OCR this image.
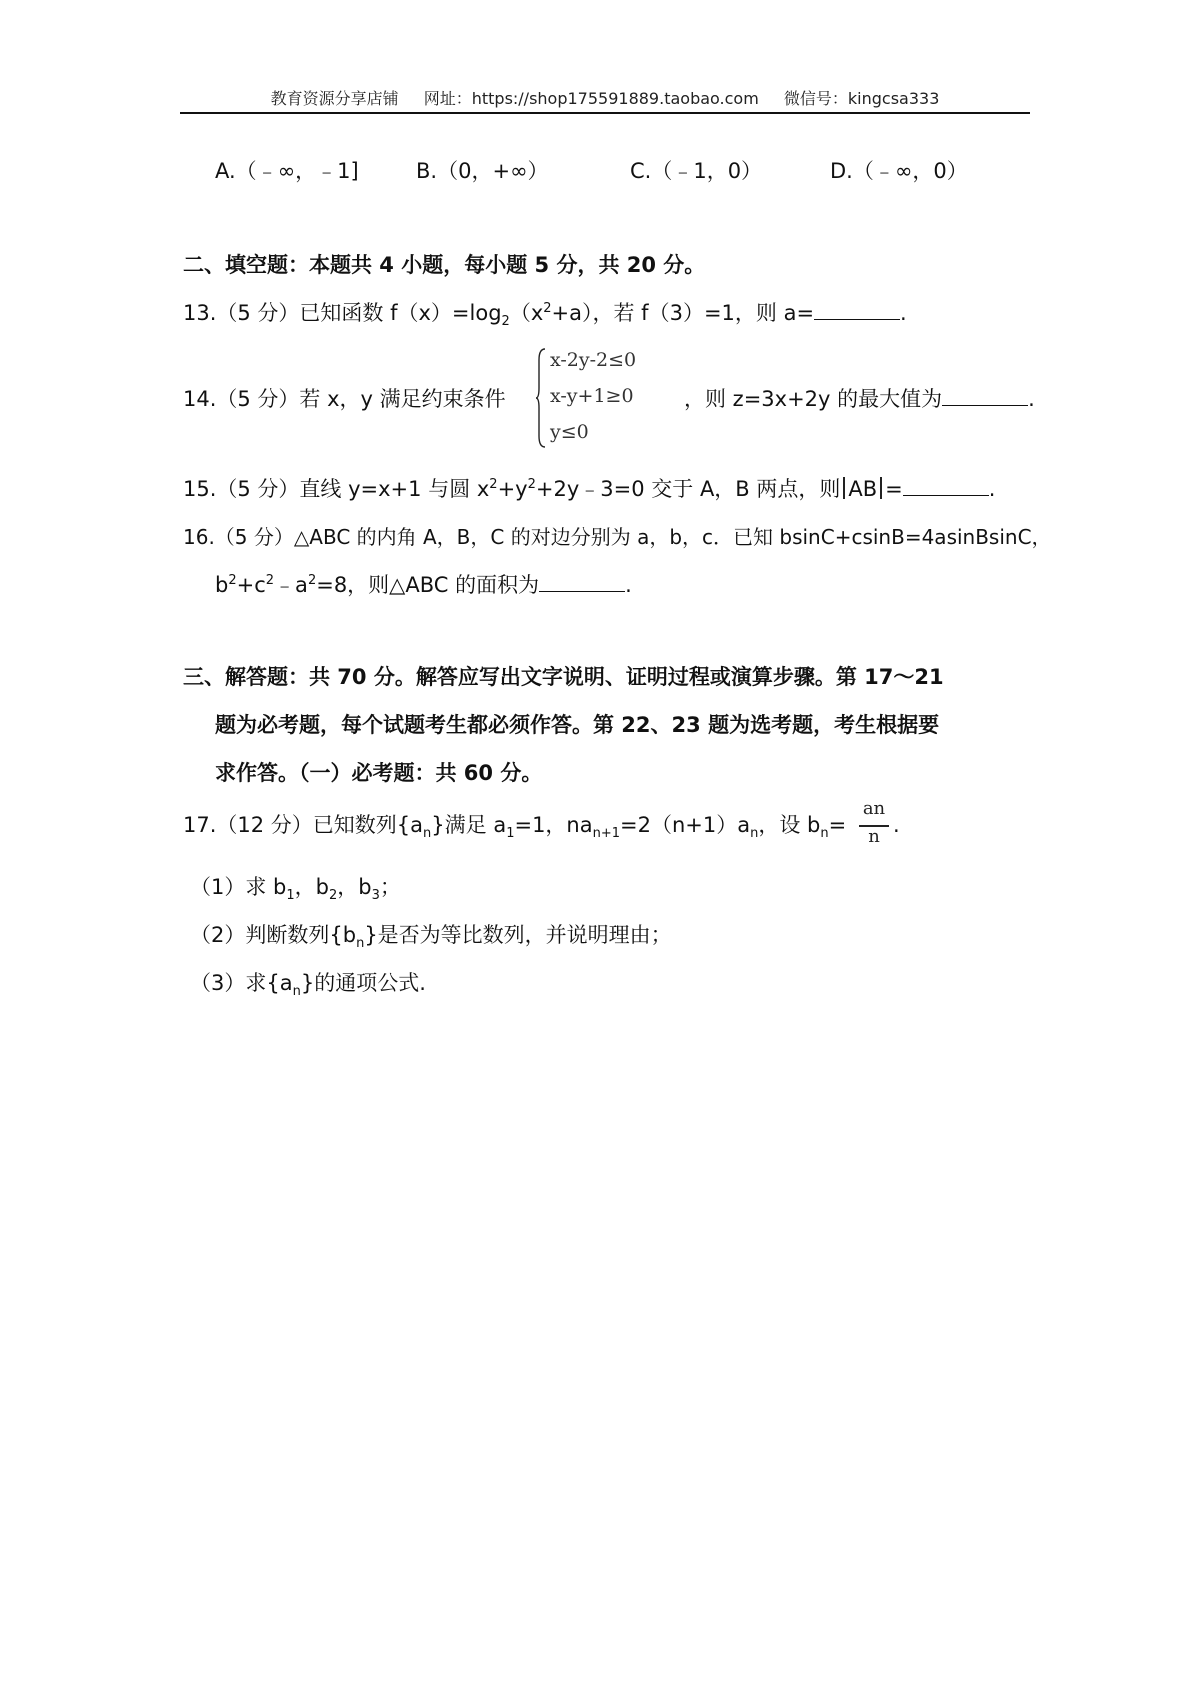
教育资源分享店铺 网址：https://shop175591889.taobao.com 微信号：kingcsa333
A.（﹣∞，﹣1]	B.（0，+∞）	C.（﹣1，0）	D.（﹣∞，0）
二、填空题：本题共 4 小题，每小题 5 分，共 20 分。
13.（5 分）已知函数 $f(x)=\log_2(x^2+a)$，若 f（3）=1，则 a=	.
14.（5 分）若 x，y 满足约束条件
x-2y-2≤0
x-y+1≥0
y≤0
，则 z=3x+2y 的最大值为	.
15.（5 分）直线 y=x+1 与圆 $x^2+y^2+2y﹣3=0$ 交于 A，B 两点，则 AB =	.
16.（5 分）△ABC 的内角 A，B，C 的对边分别为 a，b，c．已知 bsinC+csinB=4asinBsinC，
$b^2+c^2﹣a^2=8$，则△ABC 的面积为	.
三、解答题：共 70 分。解答应写出文字说明、证明过程或演算步骤。第 17～21
题为必考题，每个试题考生都必须作答。第 22、23 题为选考题，考生根据要
求作答。（一）必考题：共 60 分。
17.（12 分）已知数列$\{a_n\}$满足 $a_1=1$，$na_{n+1}=2(n+1)a_n$，设 $b_n=$
an
n .
（1）求 $b_1$，$b_2$，$b_3$；
（2）判断数列$\{b_n\}$是否为等比数列，并说明理由；
（3）求$\{a_n\}$的通项公式.
